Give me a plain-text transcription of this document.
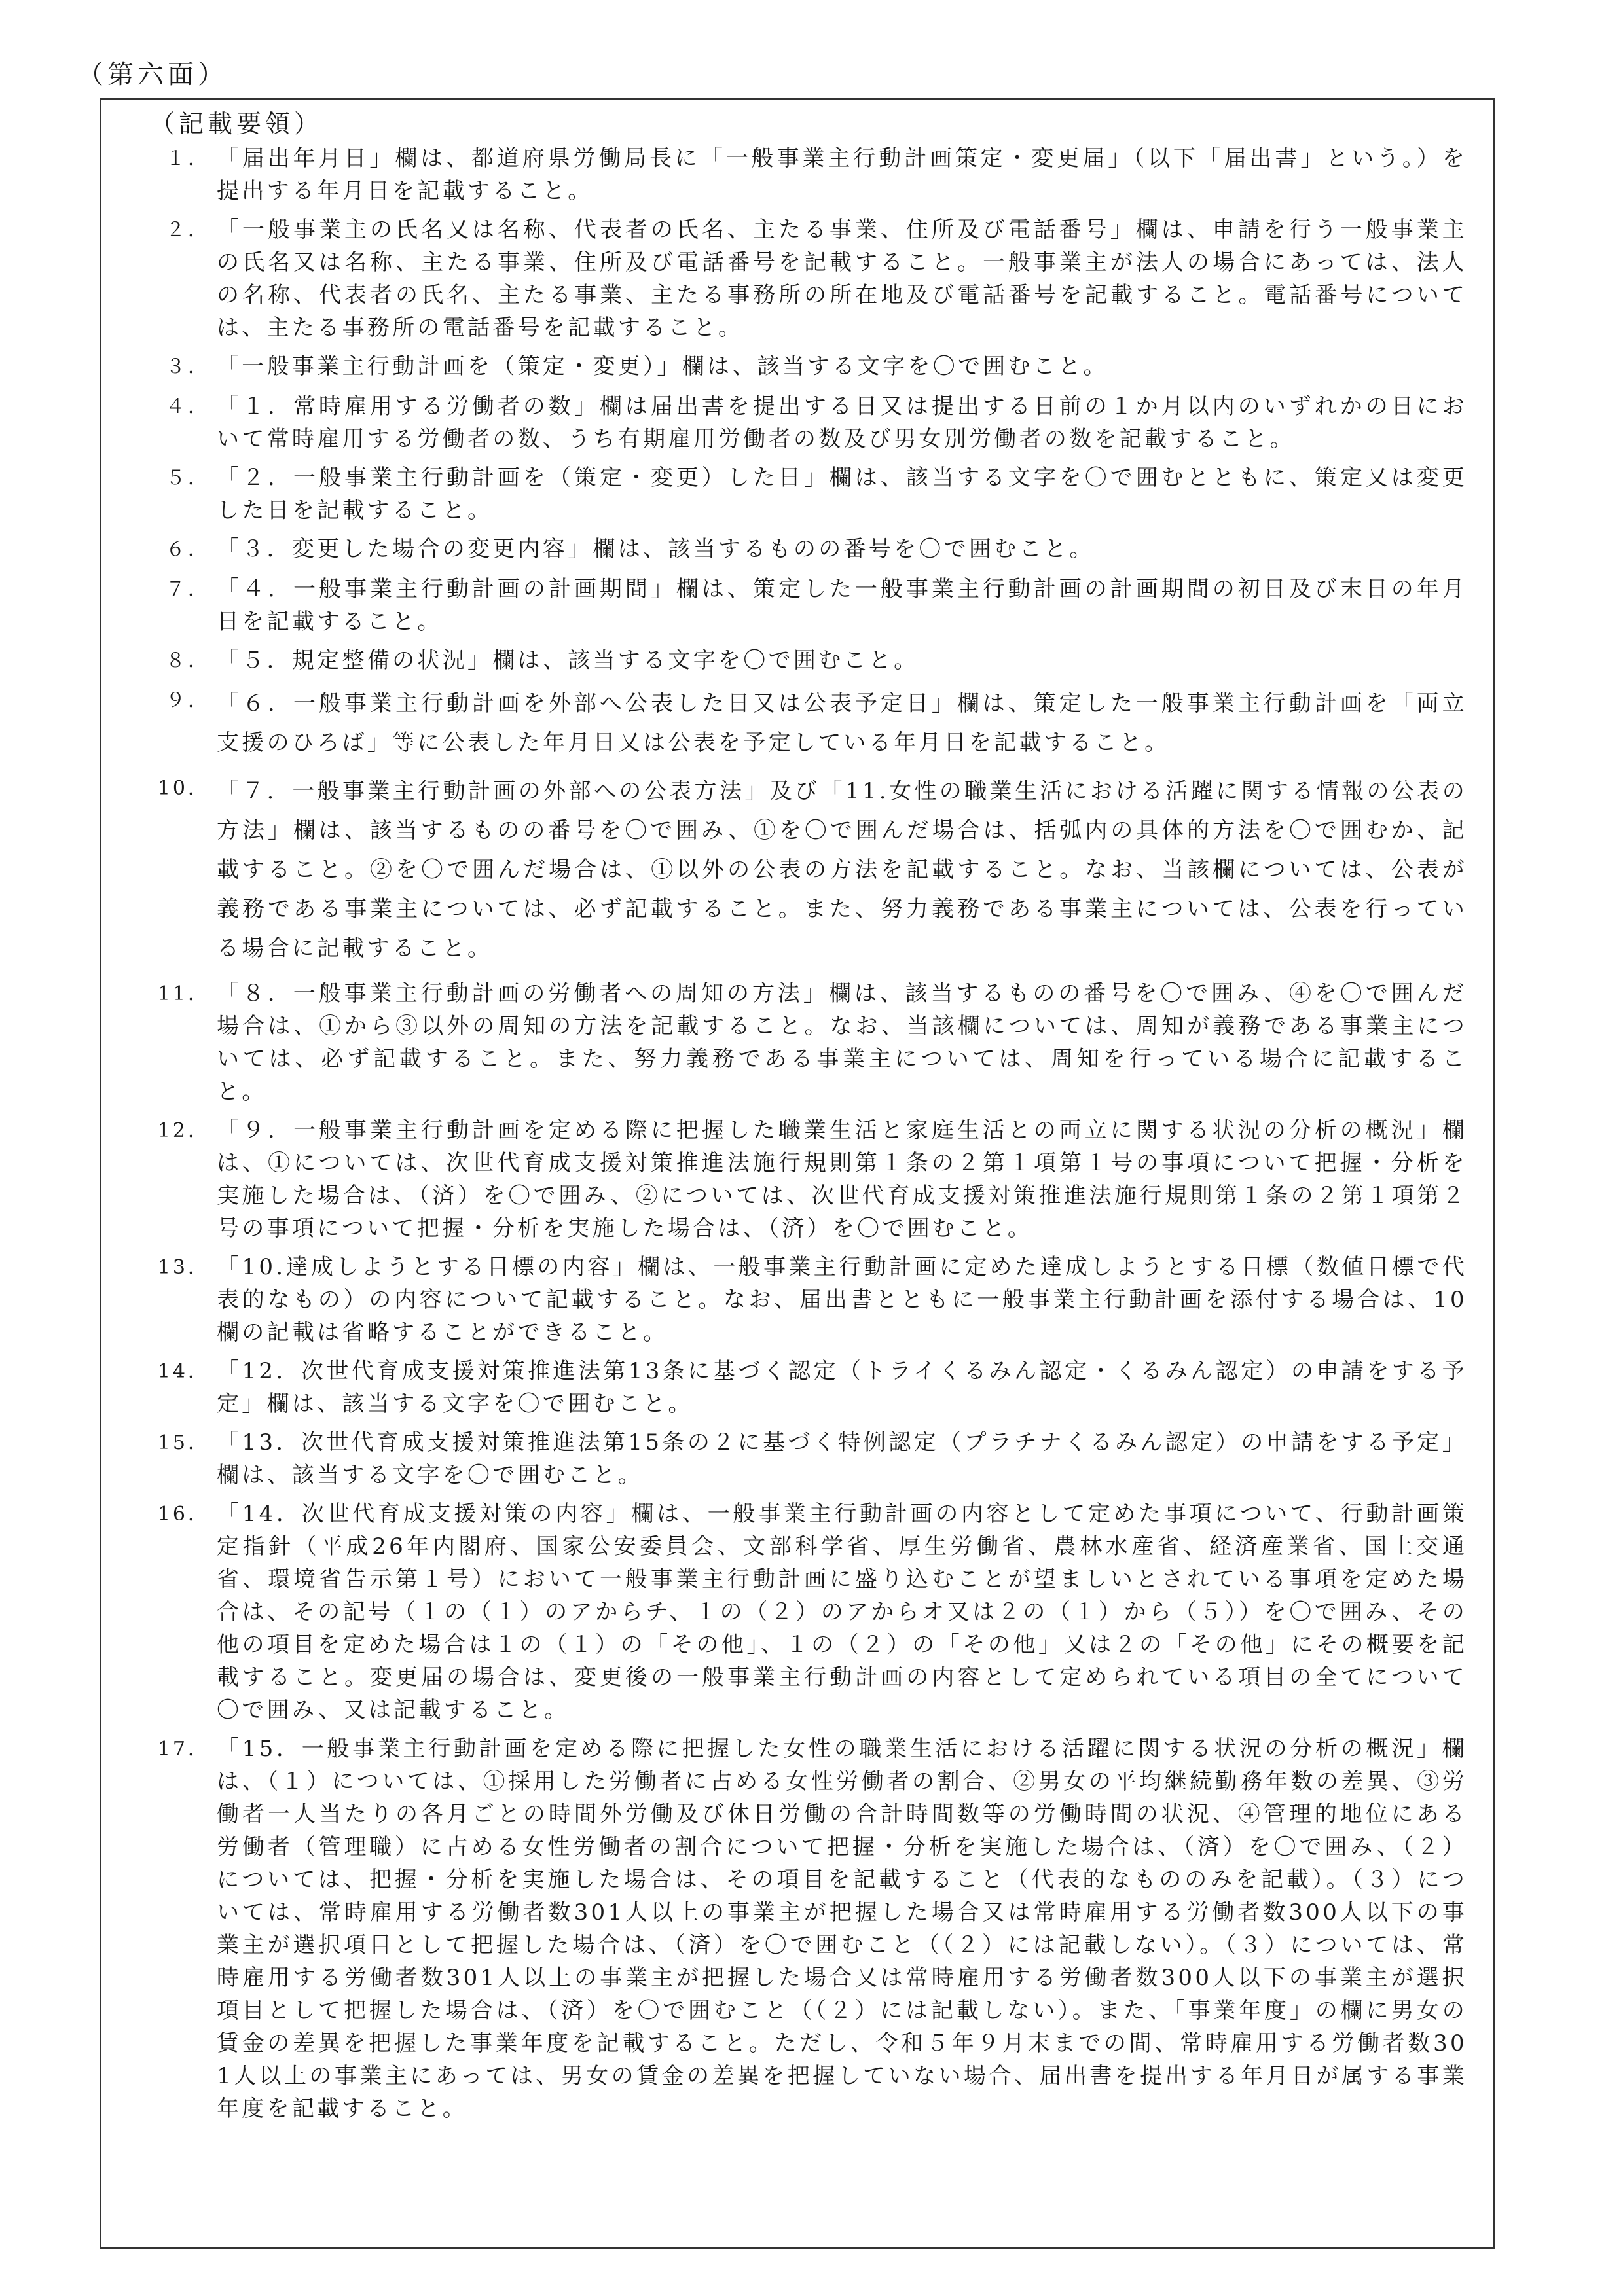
（第六面）
（記載要領）
１． 「届出年月日」欄は、都道府県労働局長に「一般事業主行動計画策定・変更届」（以下「届出書」という。）を提出する年月日を記載すること。
２． 「一般事業主の氏名又は名称、代表者の氏名、主たる事業、住所及び電話番号」欄は、申請を行う一般事業主の氏名又は名称、主たる事業、住所及び電話番号を記載すること。一般事業主が法人の場合にあっては、法人の名称、代表者の氏名、主たる事業、主たる事務所の所在地及び電話番号を記載すること。電話番号については、主たる事務所の電話番号を記載すること。
３． 「一般事業主行動計画を（策定・変更）」欄は、該当する文字を〇で囲むこと。
４． 「１．常時雇用する労働者の数」欄は届出書を提出する日又は提出する日前の１か月以内のいずれかの日において常時雇用する労働者の数、うち有期雇用労働者の数及び男女別労働者の数を記載すること。
５． 「２．一般事業主行動計画を（策定・変更）した日」欄は、該当する文字を〇で囲むとともに、策定又は変更した日を記載すること。
６． 「３．変更した場合の変更内容」欄は、該当するものの番号を〇で囲むこと。
７． 「４．一般事業主行動計画の計画期間」欄は、策定した一般事業主行動計画の計画期間の初日及び末日の年月日を記載すること。
８． 「５．規定整備の状況」欄は、該当する文字を〇で囲むこと。
９． 「６．一般事業主行動計画を外部へ公表した日又は公表予定日」欄は、策定した一般事業主行動計画を「両立支援のひろば」等に公表した年月日又は公表を予定している年月日を記載すること。
10． 「７．一般事業主行動計画の外部への公表方法」及び「11.女性の職業生活における活躍に関する情報の公表の方法」欄は、該当するものの番号を〇で囲み、①を〇で囲んだ場合は、括弧内の具体的方法を〇で囲むか、記載すること。②を〇で囲んだ場合は、①以外の公表の方法を記載すること。なお、当該欄については、公表が義務である事業主については、必ず記載すること。また、努力義務である事業主については、公表を行っている場合に記載すること。
11． 「８．一般事業主行動計画の労働者への周知の方法」欄は、該当するものの番号を〇で囲み、④を〇で囲んだ場合は、①から③以外の周知の方法を記載すること。なお、当該欄については、周知が義務である事業主については、必ず記載すること。また、努力義務である事業主については、周知を行っている場合に記載すること。
12． 「９．一般事業主行動計画を定める際に把握した職業生活と家庭生活との両立に関する状況の分析の概況」欄は、①については、次世代育成支援対策推進法施行規則第１条の２第１項第１号の事項について把握・分析を実施した場合は、（済）を〇で囲み、②については、次世代育成支援対策推進法施行規則第１条の２第１項第２号の事項について把握・分析を実施した場合は、（済）を〇で囲むこと。
13． 「10.達成しようとする目標の内容」欄は、一般事業主行動計画に定めた達成しようとする目標（数値目標で代表的なもの）の内容について記載すること。なお、届出書とともに一般事業主行動計画を添付する場合は、10欄の記載は省略することができること。
14． 「12．次世代育成支援対策推進法第13条に基づく認定（トライくるみん認定・くるみん認定）の申請をする予定」欄は、該当する文字を〇で囲むこと。
15． 「13．次世代育成支援対策推進法第15条の２に基づく特例認定（プラチナくるみん認定）の申請をする予定」欄は、該当する文字を〇で囲むこと。
16． 「14．次世代育成支援対策の内容」欄は、一般事業主行動計画の内容として定めた事項について、行動計画策定指針（平成26年内閣府、国家公安委員会、文部科学省、厚生労働省、農林水産省、経済産業省、国土交通省、環境省告示第１号）において一般事業主行動計画に盛り込むことが望ましいとされている事項を定めた場合は、その記号（１の（１）のアからチ、１の（２）のアからオ又は２の（１）から（５））を〇で囲み、その他の項目を定めた場合は１の（１）の「その他」、１の（２）の「その他」又は２の「その他」にその概要を記載すること。変更届の場合は、変更後の一般事業主行動計画の内容として定められている項目の全てについて〇で囲み、又は記載すること。
17． 「15．一般事業主行動計画を定める際に把握した女性の職業生活における活躍に関する状況の分析の概況」欄は、（１）については、①採用した労働者に占める女性労働者の割合、②男女の平均継続勤務年数の差異、③労働者一人当たりの各月ごとの時間外労働及び休日労働の合計時間数等の労働時間の状況、④管理的地位にある労働者（管理職）に占める女性労働者の割合について把握・分析を実施した場合は、（済）を〇で囲み、（２）については、把握・分析を実施した場合は、その項目を記載すること（代表的なもののみを記載）。（３）については、常時雇用する労働者数301人以上の事業主が把握した場合又は常時雇用する労働者数300人以下の事業主が選択項目として把握した場合は、（済）を〇で囲むこと（（２）には記載しない）。（３）については、常時雇用する労働者数301人以上の事業主が把握した場合又は常時雇用する労働者数300人以下の事業主が選択項目として把握した場合は、（済）を〇で囲むこと（（２）には記載しない）。また、「事業年度」の欄に男女の賃金の差異を把握した事業年度を記載すること。ただし、令和５年９月末までの間、常時雇用する労働者数301人以上の事業主にあっては、男女の賃金の差異を把握していない場合、届出書を提出する年月日が属する事業年度を記載すること。
